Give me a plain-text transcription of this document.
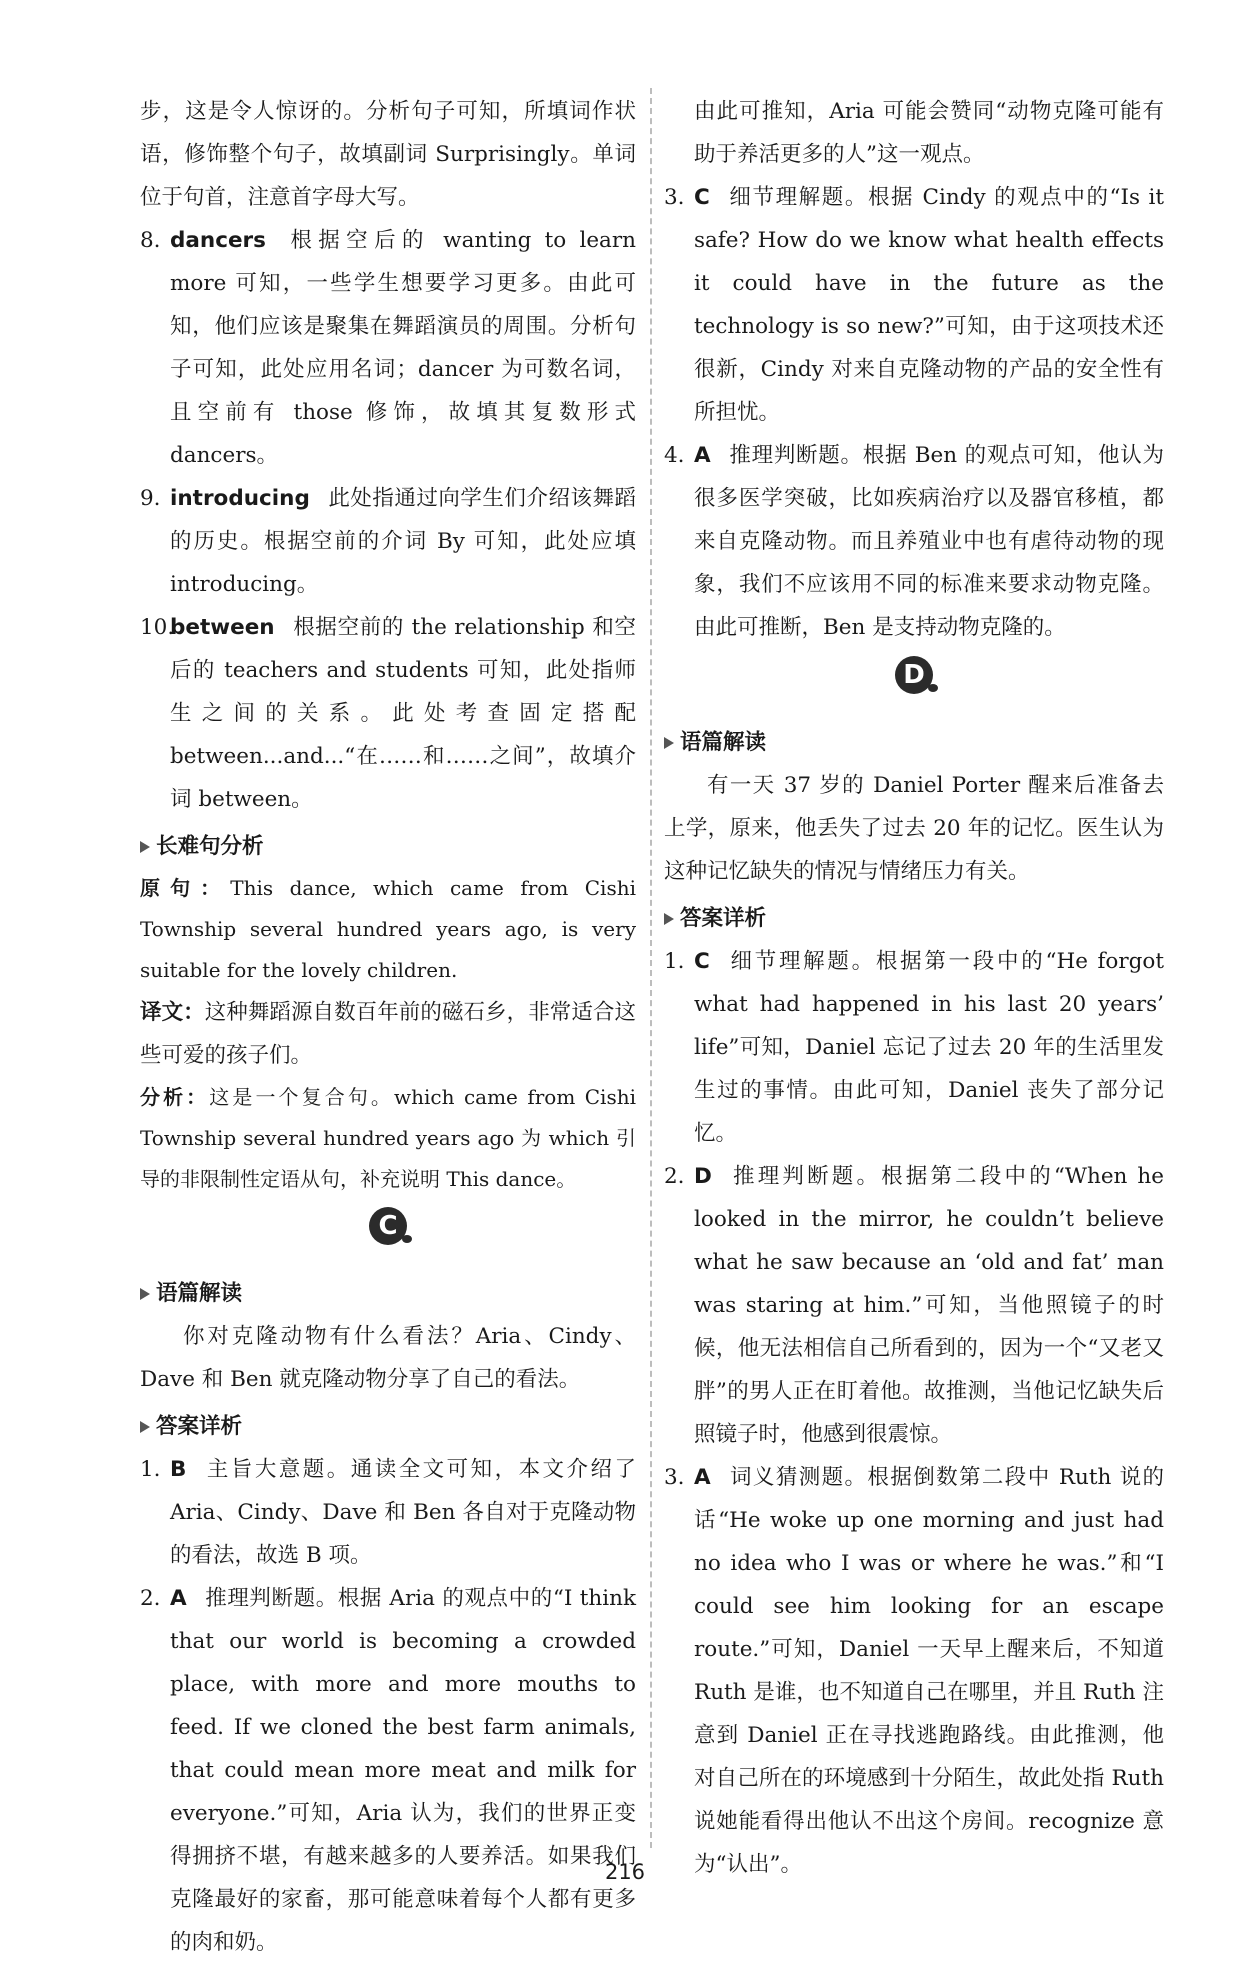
步，这是令人惊讶的。分析句子可知，所填词作状语，修饰整个句子，故填副词 Surprisingly。单词位于句首，注意首字母大写。

8. dancers 根据空后的 wanting to learn more 可知，一些学生想要学习更多。由此可知，他们应该是聚集在舞蹈演员的周围。分析句子可知，此处应用名词；dancer 为可数名词，且空前有 those 修饰，故填其复数形式 dancers。
9. introducing 此处指通过向学生们介绍该舞蹈的历史。根据空前的介词 By 可知，此处应填 introducing。
10.
between 根据空前的 the relationship 和空后的 teachers and students 可知，此处指师生之间的关系。此处考查固定搭配 between...and...“在……和……之间”，故填介词 between。
长难句分析

原句：This dance, which came from Cishi Township several hundred years ago, is very suitable for the lovely children.

译文：这种舞蹈源自数百年前的磁石乡，非常适合这些可爱的孩子们。

分析：这是一个复合句。which came from Cishi Township several hundred years ago 为 which 引导的非限制性定语从句，补充说明 This dance。

C
语篇解读

你对克隆动物有什么看法？Aria、Cindy、Dave 和 Ben 就克隆动物分享了自己的看法。

答案详析
1. B 主旨大意题。通读全文可知，本文介绍了 Aria、Cindy、Dave 和 Ben 各自对于克隆动物的看法，故选 B 项。
2. A 推理判断题。根据 Aria 的观点中的“I think that our world is becoming a crowded place, with more and more mouths to feed. If we cloned the best farm animals, that could mean more meat and milk for everyone.”可知，Aria 认为，我们的世界正变得拥挤不堪，有越来越多的人要养活。如果我们克隆最好的家畜，那可能意味着每个人都有更多的肉和奶。

由此可推知，Aria 可能会赞同“动物克隆可能有助于养活更多的人”这一观点。

3. C 细节理解题。根据 Cindy 的观点中的“Is it safe? How do we know what health effects it could have in the future as the technology is so new?”可知，由于这项技术还很新，Cindy 对来自克隆动物的产品的安全性有所担忧。
4. A 推理判断题。根据 Ben 的观点可知，他认为很多医学突破，比如疾病治疗以及器官移植，都来自克隆动物。而且养殖业中也有虐待动物的现象，我们不应该用不同的标准来要求动物克隆。由此可推断，Ben 是支持动物克隆的。
D
语篇解读

有一天 37 岁的 Daniel Porter 醒来后准备去上学，原来，他丢失了过去 20 年的记忆。医生认为这种记忆缺失的情况与情绪压力有关。

答案详析
1. C 细节理解题。根据第一段中的“He forgot what had happened in his last 20 years’ life”可知，Daniel 忘记了过去 20 年的生活里发生过的事情。由此可知，Daniel 丧失了部分记忆。
2. D 推理判断题。根据第二段中的“When he looked in the mirror, he couldn’t believe what he saw because an ‘old and fat’ man was staring at him.”可知，当他照镜子的时候，他无法相信自己所看到的，因为一个“又老又胖”的男人正在盯着他。故推测，当他记忆缺失后照镜子时，他感到很震惊。
3. A 词义猜测题。根据倒数第二段中 Ruth 说的话“He woke up one morning and just had no idea who I was or where he was.”和“I could see him looking for an escape route.”可知，Daniel 一天早上醒来后，不知道 Ruth 是谁，也不知道自己在哪里，并且 Ruth 注意到 Daniel 正在寻找逃跑路线。由此推测，他对自己所在的环境感到十分陌生，故此处指 Ruth 说她能看得出他认不出这个房间。recognize 意为“认出”。
216
